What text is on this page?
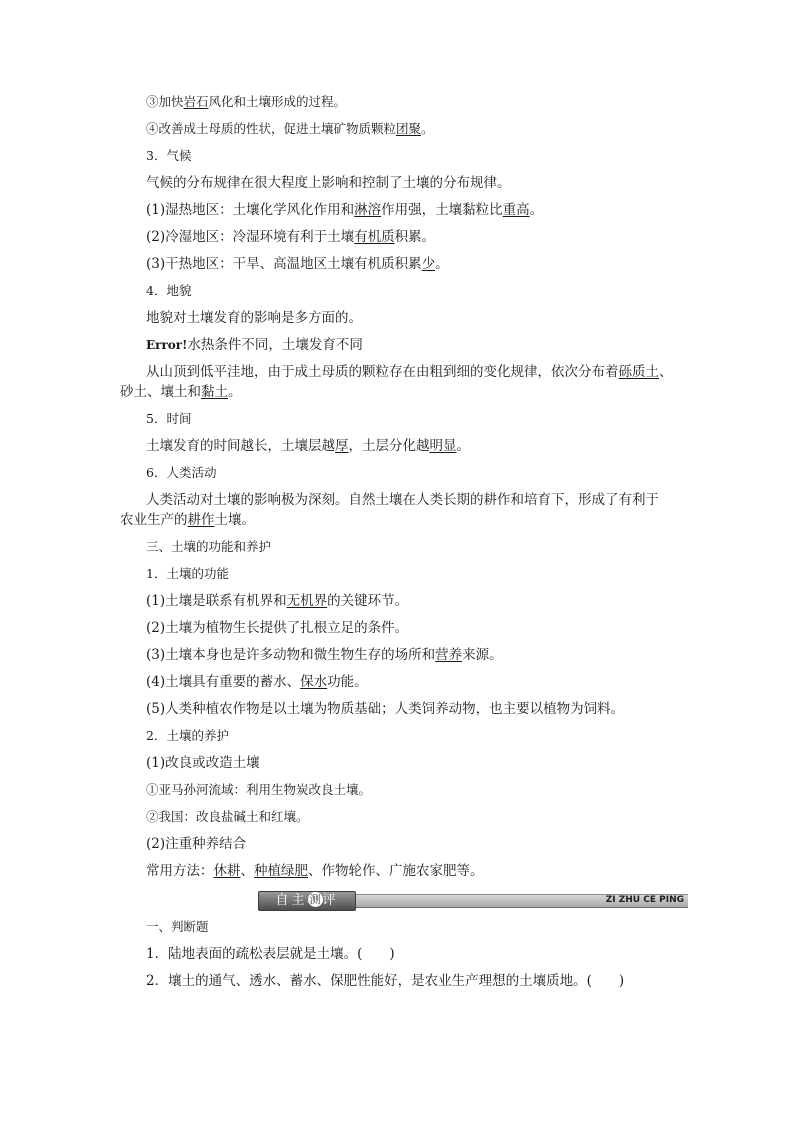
③加快岩石风化和土壤形成的过程。
④改善成土母质的性状，促进土壤矿物质颗粒团聚。
3．气候
气候的分布规律在很大程度上影响和控制了土壤的分布规律。
(1)湿热地区：土壤化学风化作用和淋溶作用强，土壤黏粒比重高。
(2)冷湿地区：冷湿环境有利于土壤有机质积累。
(3)干热地区：干旱、高温地区土壤有机质积累少。
4．地貌
地貌对土壤发育的影响是多方面的。
Error!水热条件不同，土壤发育不同
从山顶到低平洼地，由于成土母质的颗粒存在由粗到细的变化规律，依次分布着砾质土、
砂土、壤土和黏土。
5．时间
土壤发育的时间越长，土壤层越厚，土层分化越明显。
6．人类活动
人类活动对土壤的影响极为深刻。自然土壤在人类长期的耕作和培育下，形成了有利于
农业生产的耕作土壤。
三、土壤的功能和养护
1．土壤的功能
(1)土壤是联系有机界和无机界的关键环节。
(2)土壤为植物生长提供了扎根立足的条件。
(3)土壤本身也是许多动物和微生物生存的场所和营养来源。
(4)土壤具有重要的蓄水、保水功能。
(5)人类种植农作物是以土壤为物质基础；人类饲养动物，也主要以植物为饲料。
2．土壤的养护
(1)改良或改造土壤
①亚马孙河流域：利用生物炭改良土壤。
②我国：改良盐碱土和红壤。
(2)注重种养结合
常用方法：休耕、种植绿肥、作物轮作、广施农家肥等。
自主 测 评	ZI ZHU CE PING
一、判断题
1．陆地表面的疏松表层就是土壤。(　　)
2．壤土的通气、透水、蓄水、保肥性能好，是农业生产理想的土壤质地。(　　)
